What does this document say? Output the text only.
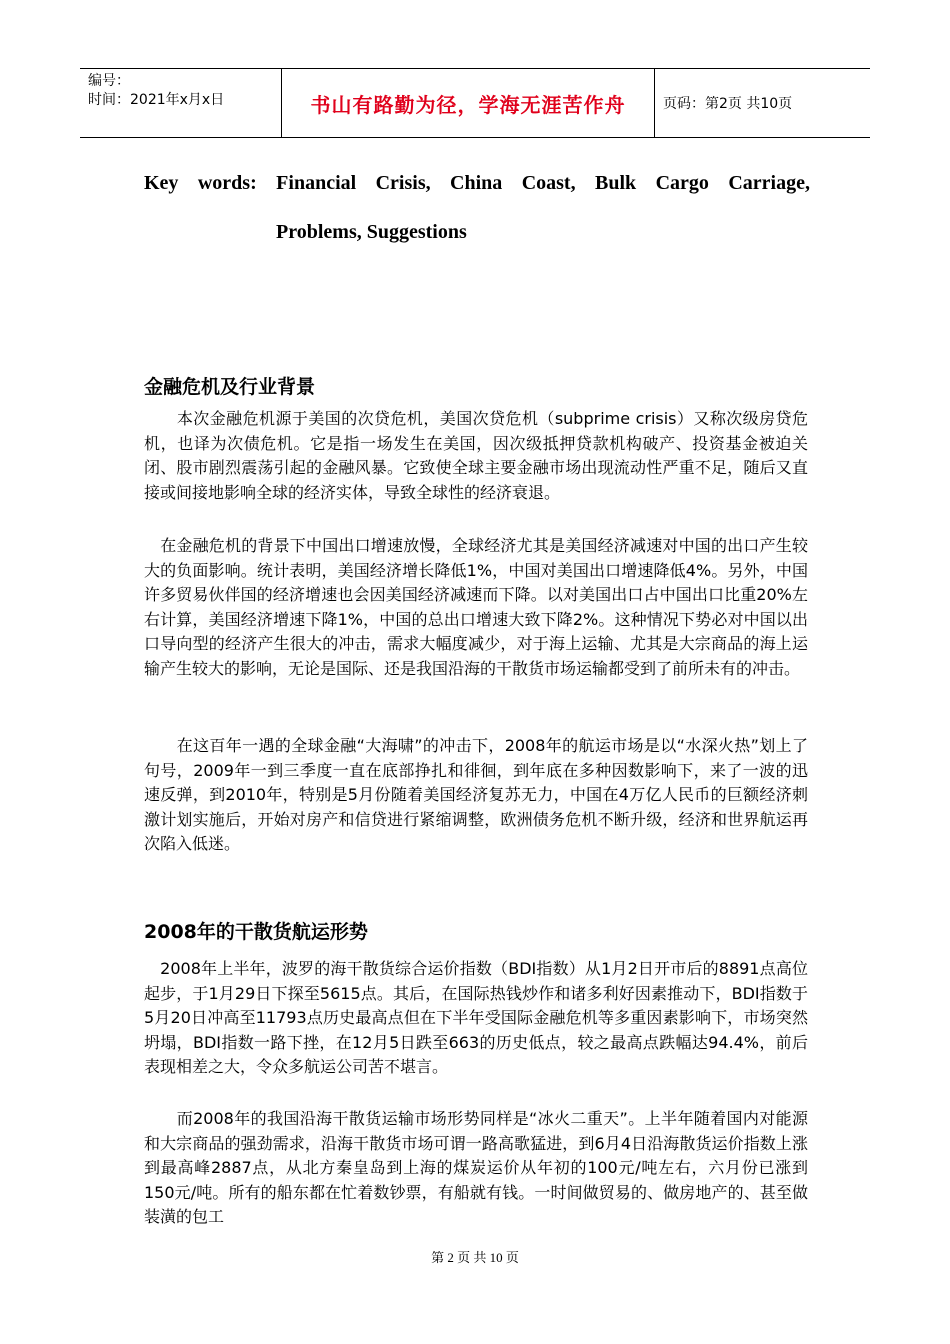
编号：
时间：2021年x月x日	书山有路勤为径，学海无涯苦作舟	页码：第2页 共10页
Key words: Financial Crisis, China Coast, Bulk Cargo Carriage,
Problems, Suggestions
金融危机及行业背景

　　本次金融危机源于美国的次贷危机，美国次贷危机（subprime crisis）又称次级房贷危机，也译为次债危机。它是指一场发生在美国，因次级抵押贷款机构破产、投资基金被迫关闭、股市剧烈震荡引起的金融风暴。它致使全球主要金融市场出现流动性严重不足，随后又直接或间接地影响全球的经济实体，导致全球性的经济衰退。

　在金融危机的背景下中国出口增速放慢，全球经济尤其是美国经济减速对中国的出口产生较大的负面影响。统计表明，美国经济增长降低1%，中国对美国出口增速降低4%。另外，中国许多贸易伙伴国的经济增速也会因美国经济减速而下降。以对美国出口占中国出口比重20%左右计算，美国经济增速下降1%，中国的总出口增速大致下降2%。这种情况下势必对中国以出口导向型的经济产生很大的冲击，需求大幅度减少，对于海上运输、尤其是大宗商品的海上运输产生较大的影响，无论是国际、还是我国沿海的干散货市场运输都受到了前所未有的冲击。

　　在这百年一遇的全球金融“大海啸”的冲击下，2008年的航运市场是以“水深火热”划上了句号，2009年一到三季度一直在底部挣扎和徘徊，到年底在多种因数影响下，来了一波的迅速反弹，到2010年，特别是5月份随着美国经济复苏无力，中国在4万亿人民币的巨额经济刺激计划实施后，开始对房产和信贷进行紧缩调整，欧洲债务危机不断升级，经济和世界航运再次陷入低迷。

2008年的干散货航运形势

　2008年上半年，波罗的海干散货综合运价指数（BDI指数）从1月2日开市后的8891点高位起步，于1月29日下探至5615点。其后，在国际热钱炒作和诸多利好因素推动下，BDI指数于5月20日冲高至11793点历史最高点但在下半年受国际金融危机等多重因素影响下，市场突然坍塌，BDI指数一路下挫，在12月5日跌至663的历史低点，较之最高点跌幅达94.4%，前后表现相差之大，令众多航运公司苦不堪言。

　　而2008年的我国沿海干散货运输市场形势同样是“冰火二重天”。上半年随着国内对能源和大宗商品的强劲需求，沿海干散货市场可谓一路高歌猛进，到6月4日沿海散货运价指数上涨到最高峰2887点，从北方秦皇岛到上海的煤炭运价从年初的100元/吨左右，六月份已涨到150元/吨。所有的船东都在忙着数钞票，有船就有钱。一时间做贸易的、做房地产的、甚至做装潢的包工

第 2 页 共 10 页
